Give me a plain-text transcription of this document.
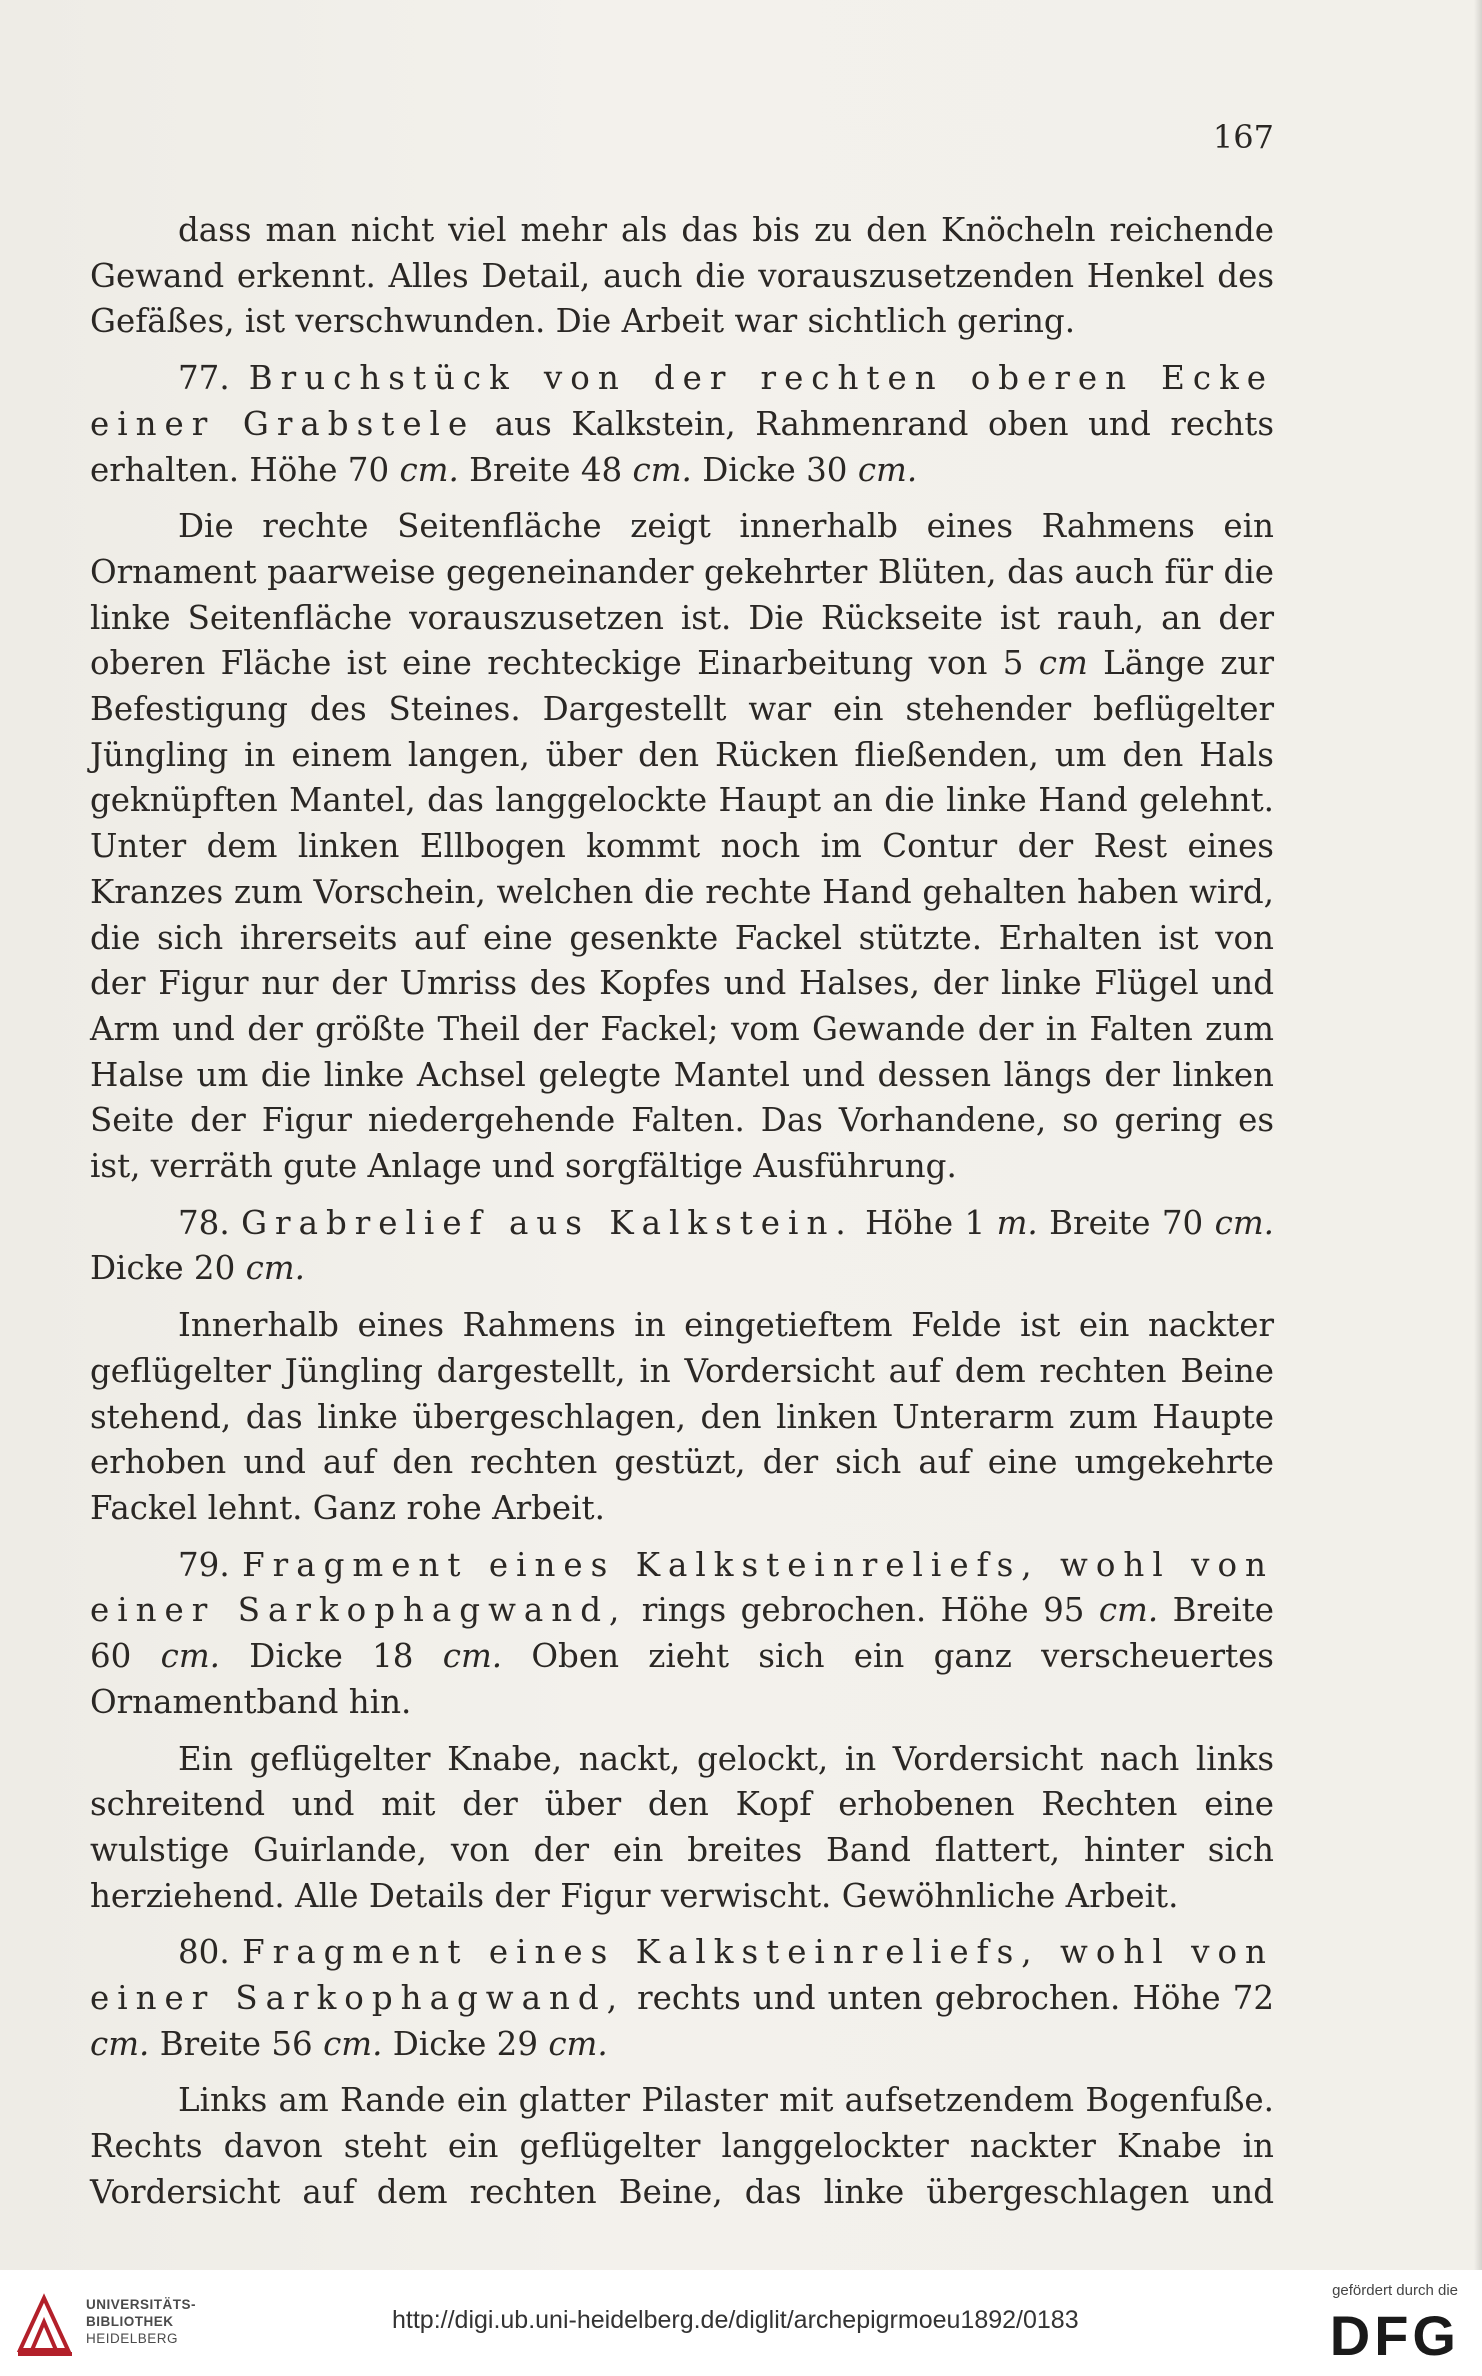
167

dass man nicht viel mehr als das bis zu den Knöcheln reichende Gewand erkennt. Alles Detail, auch die vorauszusetzenden Henkel des Gefäßes, ist verschwunden. Die Arbeit war sichtlich gering.

77. Bruchstück von der rechten oberen Ecke einer Grabstele aus Kalkstein, Rahmenrand oben und rechts erhalten. Höhe 70 cm. Breite 48 cm. Dicke 30 cm.

Die rechte Seitenfläche zeigt innerhalb eines Rahmens ein Ornament paarweise gegeneinander gekehrter Blüten, das auch für die linke Seitenfläche vorauszusetzen ist. Die Rückseite ist rauh, an der oberen Fläche ist eine rechteckige Einarbeitung von 5 cm Länge zur Befestigung des Steines. Dargestellt war ein stehender beflügelter Jüngling in einem langen, über den Rücken fließenden, um den Hals geknüpften Mantel, das langgelockte Haupt an die linke Hand gelehnt. Unter dem linken Ellbogen kommt noch im Contur der Rest eines Kranzes zum Vorschein, welchen die rechte Hand gehalten haben wird, die sich ihrerseits auf eine gesenkte Fackel stützte. Erhalten ist von der Figur nur der Umriss des Kopfes und Halses, der linke Flügel und Arm und der größte Theil der Fackel; vom Gewande der in Falten zum Halse um die linke Achsel gelegte Mantel und dessen längs der linken Seite der Figur niedergehende Falten. Das Vorhandene, so gering es ist, verräth gute Anlage und sorgfältige Ausführung.

78. Grabrelief aus Kalkstein. Höhe 1 m. Breite 70 cm. Dicke 20 cm.

Innerhalb eines Rahmens in eingetieftem Felde ist ein nackter geflügelter Jüngling dargestellt, in Vordersicht auf dem rechten Beine stehend, das linke übergeschlagen, den linken Unterarm zum Haupte erhoben und auf den rechten gestüzt, der sich auf eine umgekehrte Fackel lehnt. Ganz rohe Arbeit.

79. Fragment eines Kalksteinreliefs, wohl von einer Sarkophagwand, rings gebrochen. Höhe 95 cm. Breite 60 cm. Dicke 18 cm. Oben zieht sich ein ganz verscheuertes Ornamentband hin.

Ein geflügelter Knabe, nackt, gelockt, in Vordersicht nach links schreitend und mit der über den Kopf erhobenen Rechten eine wulstige Guirlande, von der ein breites Band flattert, hinter sich herziehend. Alle Details der Figur verwischt. Gewöhnliche Arbeit.

80. Fragment eines Kalksteinreliefs, wohl von einer Sarkophagwand, rechts und unten gebrochen. Höhe 72 cm. Breite 56 cm. Dicke 29 cm.

Links am Rande ein glatter Pilaster mit aufsetzendem Bogenfuße. Rechts davon steht ein geflügelter langgelockter nackter Knabe in Vordersicht auf dem rechten Beine, das linke übergeschlagen und

UNIVERSITÄTS-
BIBLIOTHEK
HEIDELBERG
http://digi.ub.uni-heidelberg.de/diglit/archepigrmoeu1892/0183
gefördert durch die
DFG
